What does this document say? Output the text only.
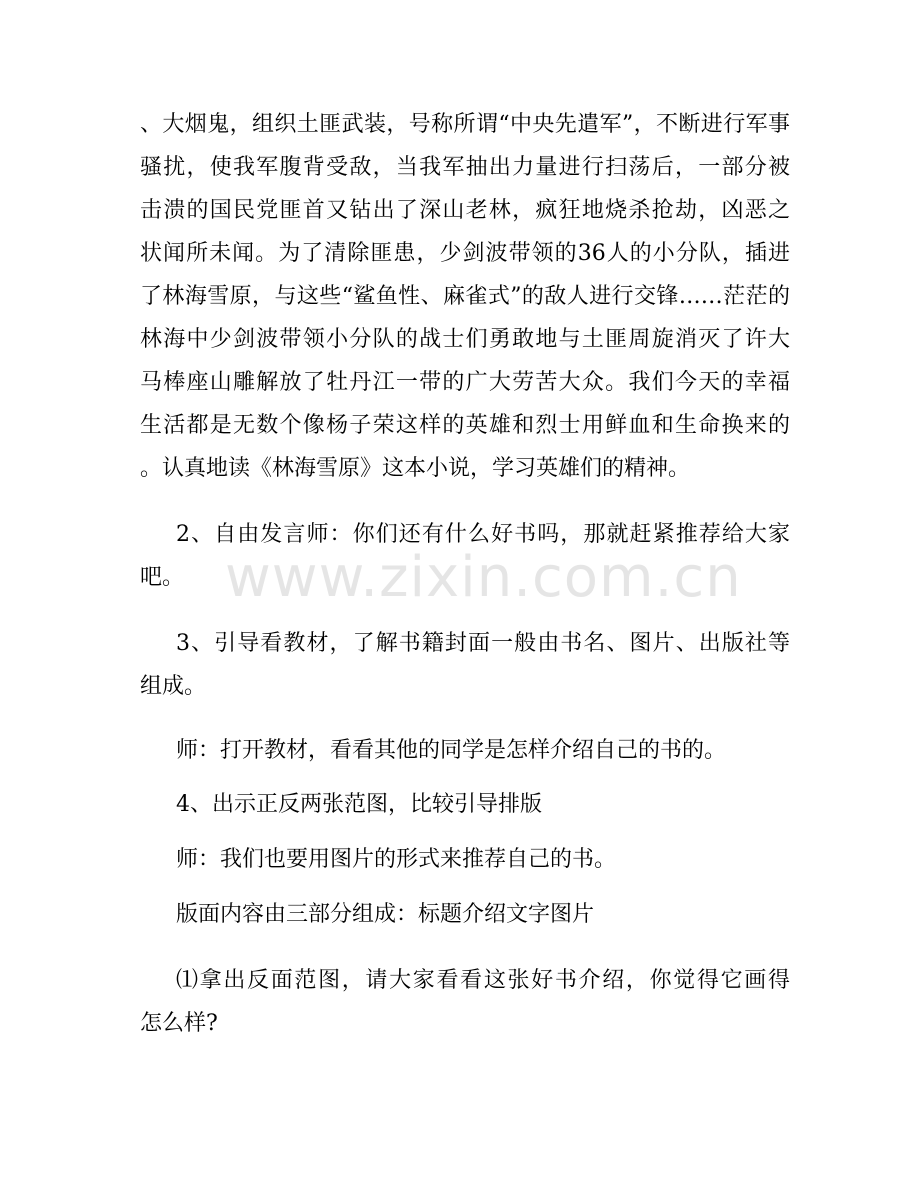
、大烟鬼，组织土匪武装，号称所谓“中央先遣军”，不断进行军事
骚扰，使我军腹背受敌，当我军抽出力量进行扫荡后，一部分被
击溃的国民党匪首又钻出了深山老林，疯狂地烧杀抢劫，凶恶之
状闻所未闻。为了清除匪患，少剑波带领的36人的小分队，插进
了林海雪原，与这些“鲨鱼性、麻雀式”的敌人进行交锋……茫茫的
林海中少剑波带领小分队的战士们勇敢地与土匪周旋消灭了许大
马棒座山雕解放了牡丹江一带的广大劳苦大众。我们今天的幸福
生活都是无数个像杨子荣这样的英雄和烈士用鲜血和生命换来的
。认真地读《林海雪原》这本小说，学习英雄们的精神。
2、自由发言师：你们还有什么好书吗，那就赶紧推荐给大家
吧。
3、引导看教材，了解书籍封面一般由书名、图片、出版社等
组成。
师：打开教材，看看其他的同学是怎样介绍自己的书的。
4、出示正反两张范图，比较引导排版
师：我们也要用图片的形式来推荐自己的书。
版面内容由三部分组成：标题介绍文字图片
⑴拿出反面范图，请大家看看这张好书介绍，你觉得它画得
怎么样?
www.zixin.com.cn
